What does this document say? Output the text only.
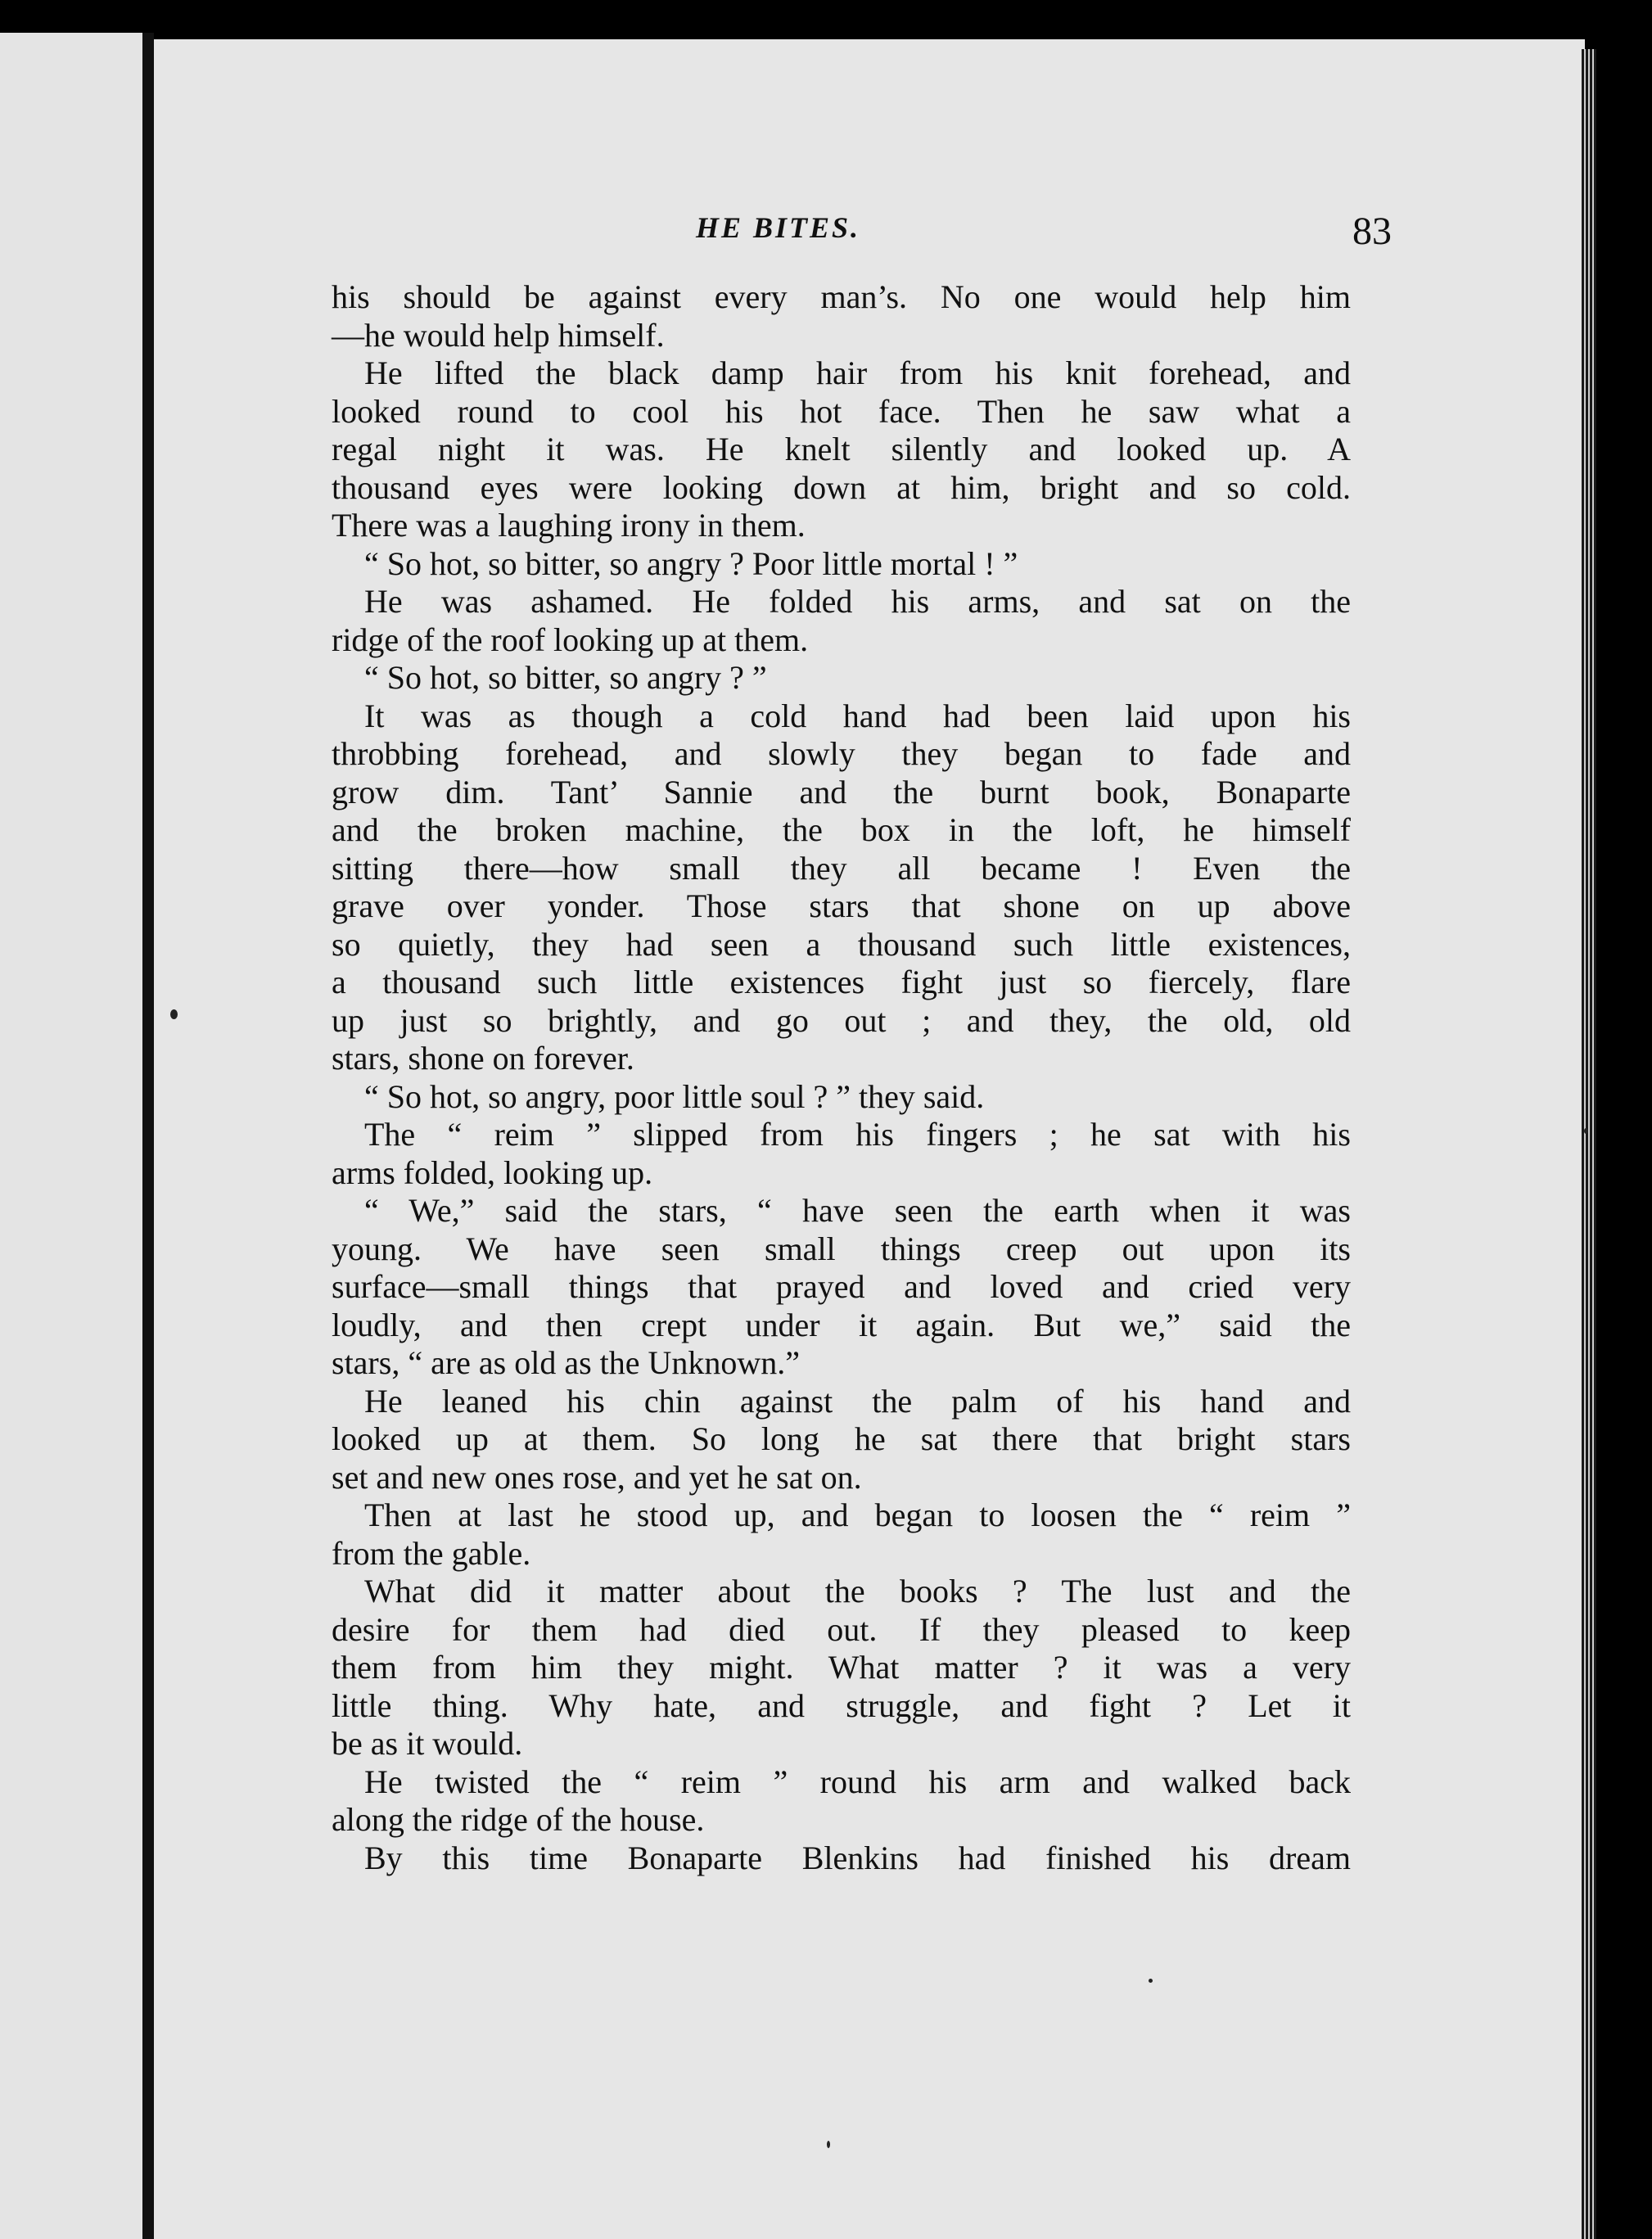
HE BITES.	83
his should be against every man’s. No one would help him
—he would help himself.
He lifted the black damp hair from his knit forehead, and
looked round to cool his hot face. Then he saw what a
regal night it was. He knelt silently and looked up. A
thousand eyes were looking down at him, bright and so cold.
There was a laughing irony in them.
“ So hot, so bitter, so angry ? Poor little mortal ! ”
He was ashamed. He folded his arms, and sat on the
ridge of the roof looking up at them.
“ So hot, so bitter, so angry ? ”
It was as though a cold hand had been laid upon his
throbbing forehead, and slowly they began to fade and
grow dim. Tant’ Sannie and the burnt book, Bonaparte
and the broken machine, the box in the loft, he himself
sitting there—how small they all became ! Even the
grave over yonder. Those stars that shone on up above
so quietly, they had seen a thousand such little existences,
a thousand such little existences fight just so fiercely, flare
up just so brightly, and go out ; and they, the old, old
stars, shone on forever.
“ So hot, so angry, poor little soul ? ” they said.
The “ reim ” slipped from his fingers ; he sat with his
arms folded, looking up.
“ We,” said the stars, “ have seen the earth when it was
young. We have seen small things creep out upon its
surface—small things that prayed and loved and cried very
loudly, and then crept under it again. But we,” said the
stars, “ are as old as the Unknown.”
He leaned his chin against the palm of his hand and
looked up at them. So long he sat there that bright stars
set and new ones rose, and yet he sat on.
Then at last he stood up, and began to loosen the “ reim ”
from the gable.
What did it matter about the books ? The lust and the
desire for them had died out. If they pleased to keep
them from him they might. What matter ? it was a very
little thing. Why hate, and struggle, and fight ? Let it
be as it would.
He twisted the “ reim ” round his arm and walked back
along the ridge of the house.
By this time Bonaparte Blenkins had finished his dream
